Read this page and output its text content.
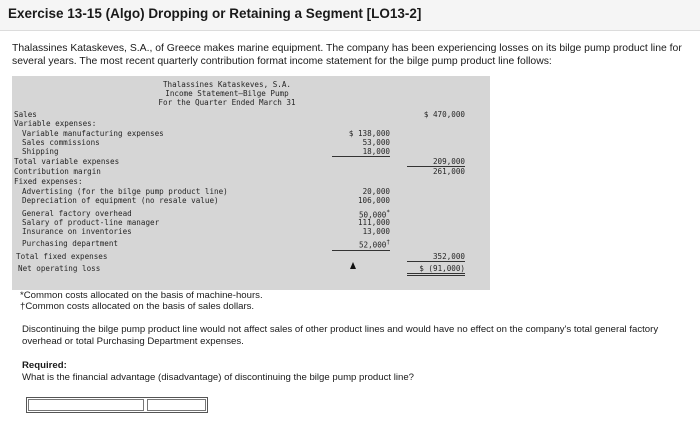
Exercise 13-15 (Algo) Dropping or Retaining a Segment [LO13-2]

Thalassines Kataskeves, S.A., of Greece makes marine equipment. The company has been experiencing losses on its bilge pump product line for several years. The most recent quarterly contribution format income statement for the bilge pump product line follows:

Thalassines Kataskeves, S.A.
Income Statement—Bilge Pump
For the Quarter Ended March 31
Sales	$ 470,000
Variable expenses:
Variable manufacturing expenses	$ 138,000
Sales commissions	53,000
Shipping	18,000
Total variable expenses	209,000
Contribution margin	261,000
Fixed expenses:
Advertising (for the bilge pump product line)	20,000
Depreciation of equipment (no resale value)	106,000
General factory overhead	50,000*
Salary of product-line manager	111,000
Insurance on inventories	13,000
Purchasing department	52,000†
Total fixed expenses	352,000
Net operating loss	$ (91,000)
*Common costs allocated on the basis of machine-hours.
†Common costs allocated on the basis of sales dollars.

Discontinuing the bilge pump product line would not affect sales of other product lines and would have no effect on the company's total general factory overhead or total Purchasing Department expenses.

Required:
What is the financial advantage (disadvantage) of discontinuing the bilge pump product line?
